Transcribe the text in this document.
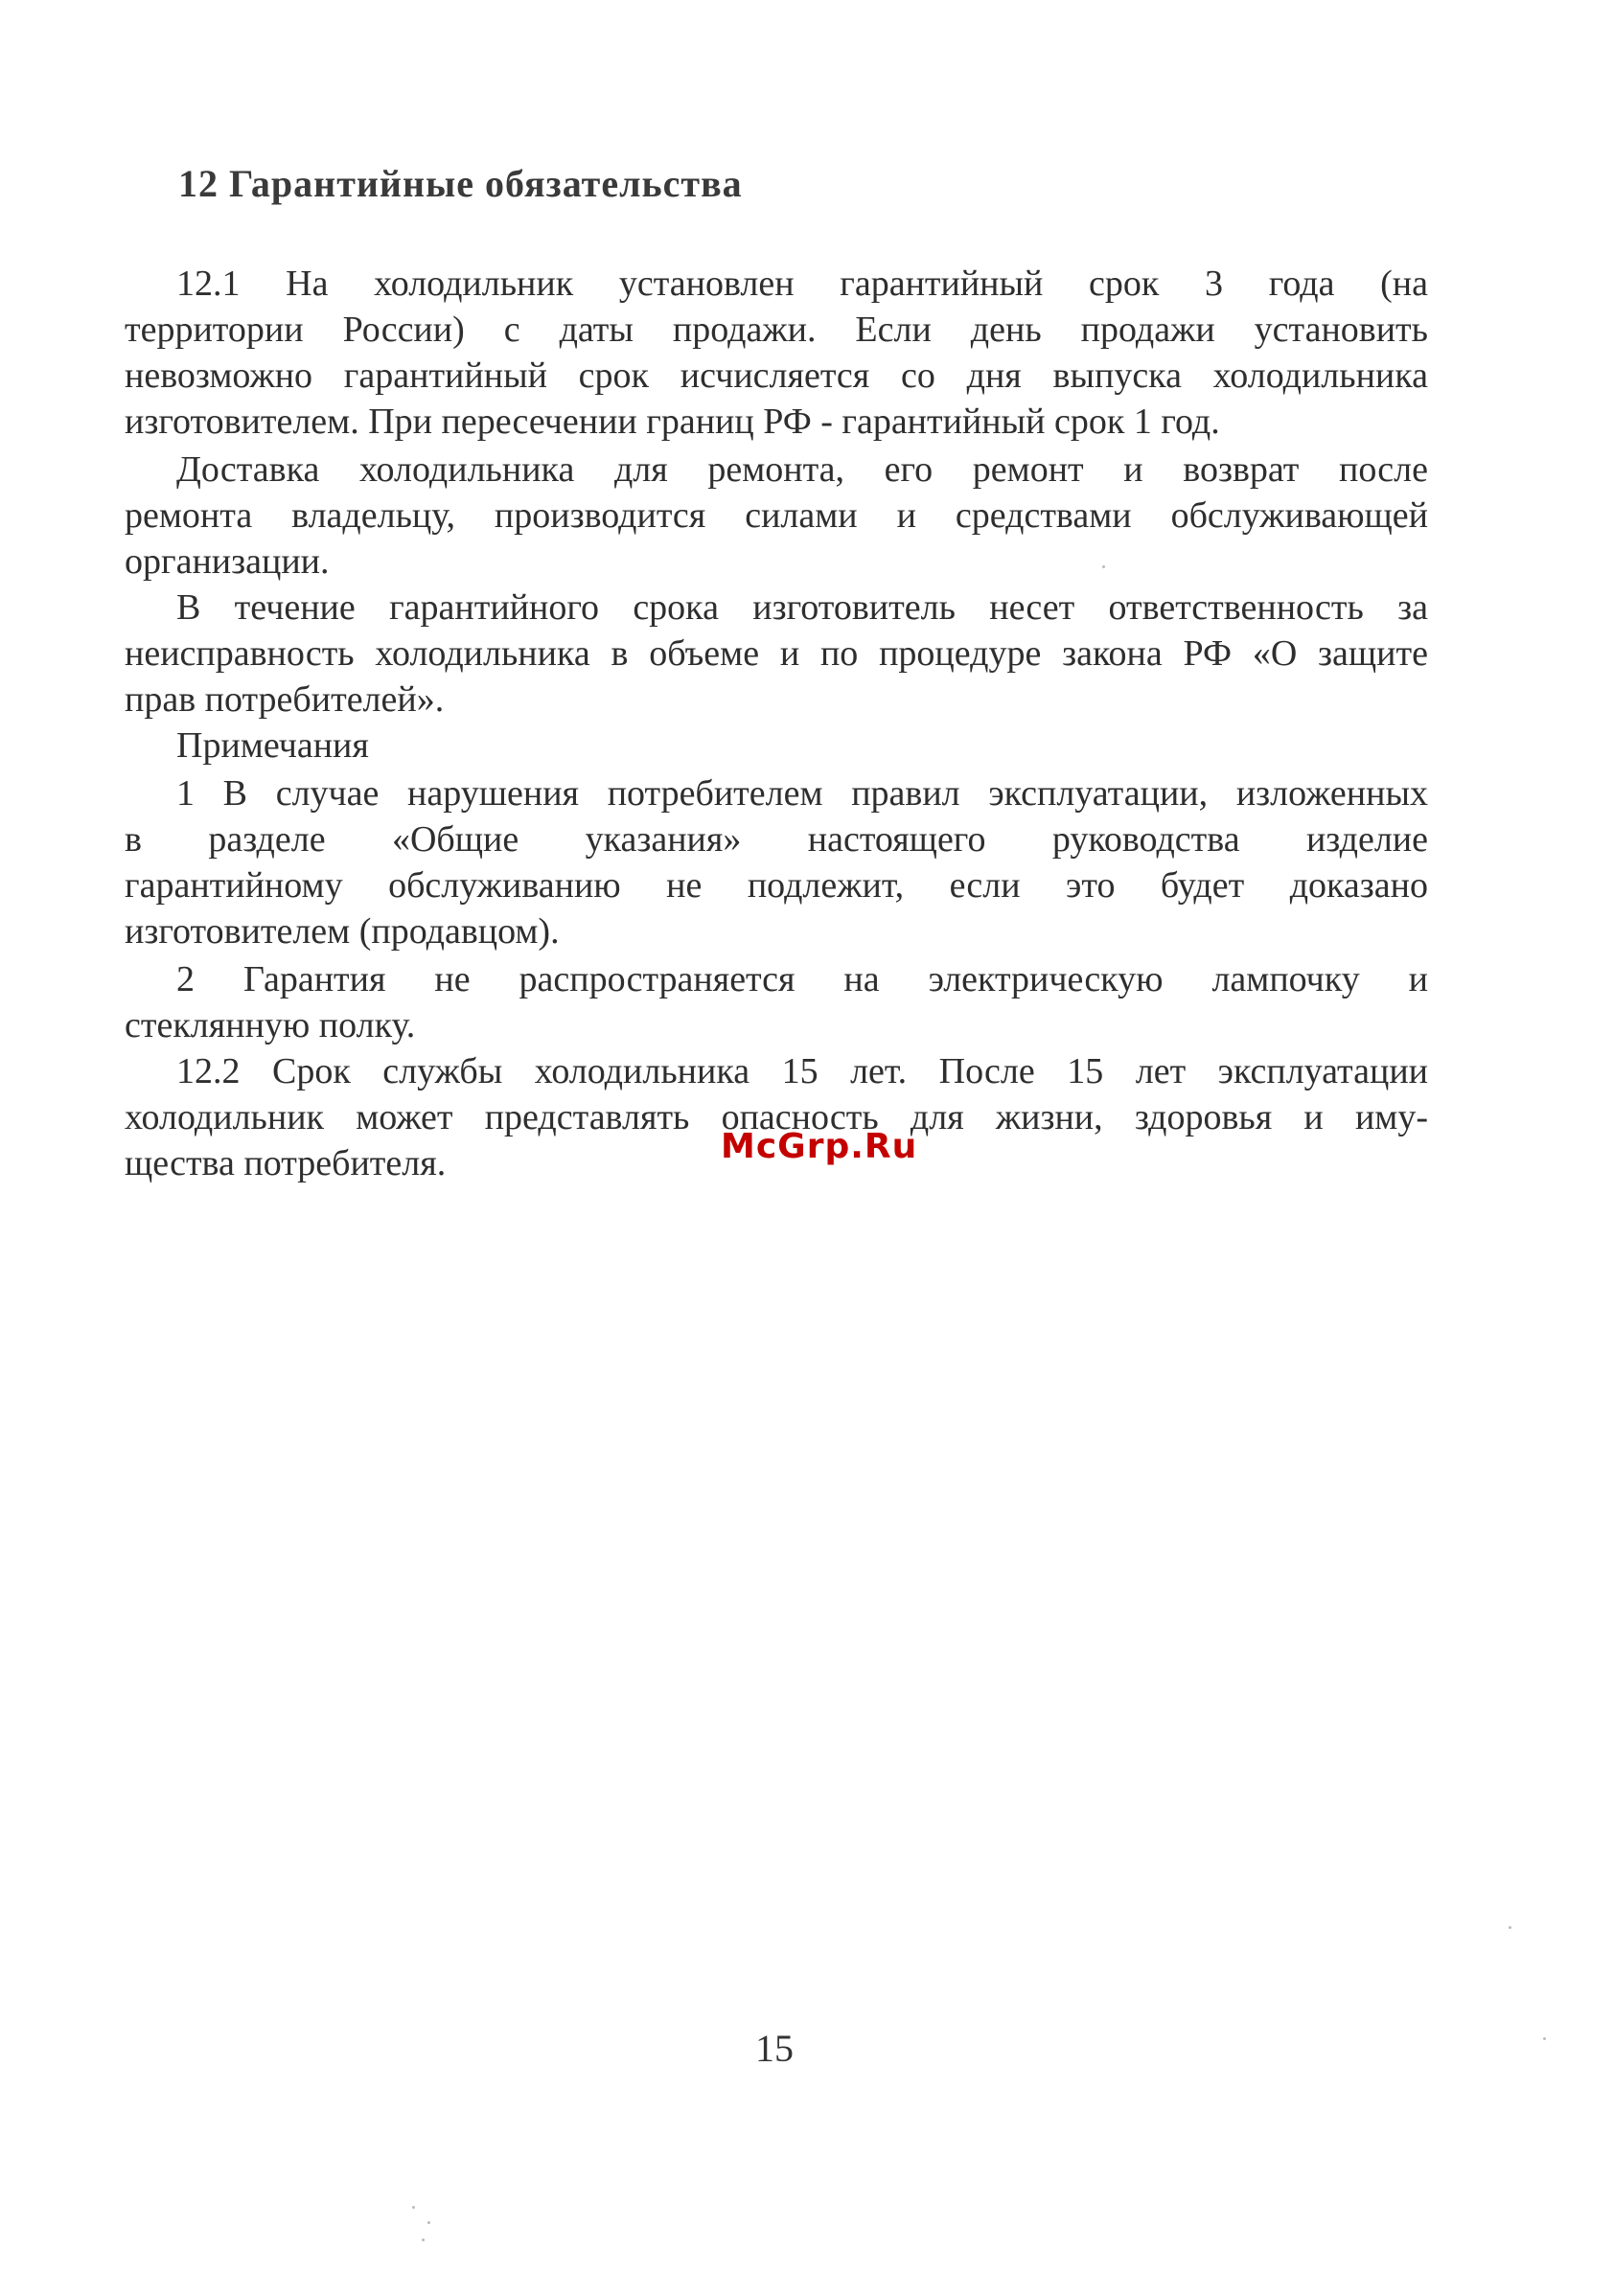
12 Гарантийные обязательства
12.1 На холодильник установлен гарантийный срок 3 года (на
территории России) с даты продажи. Если день продажи установить
невозможно гарантийный срок исчисляется со дня выпуска холодильника
изготовителем. При пересечении границ РФ - гарантийный срок 1 год.
Доставка холодильника для ремонта, его ремонт и возврат после
ремонта владельцу, производится силами и средствами обслуживающей
организации.
В течение гарантийного срока изготовитель несет ответственность за
неисправность холодильника в объеме и по процедуре закона РФ «О защите
прав потребителей».
Примечания
1 В случае нарушения потребителем правил эксплуатации, изложенных
в разделе «Общие указания» настоящего руководства изделие
гарантийному обслуживанию не подлежит, если это будет доказано
изготовителем (продавцом).
2 Гарантия не распространяется на электрическую лампочку и
стеклянную полку.
12.2 Срок службы холодильника 15 лет. После 15 лет эксплуатации
холодильник может представлять опасность для жизни, здоровья и иму-
щества потребителя.	McGrp.Ru
15
